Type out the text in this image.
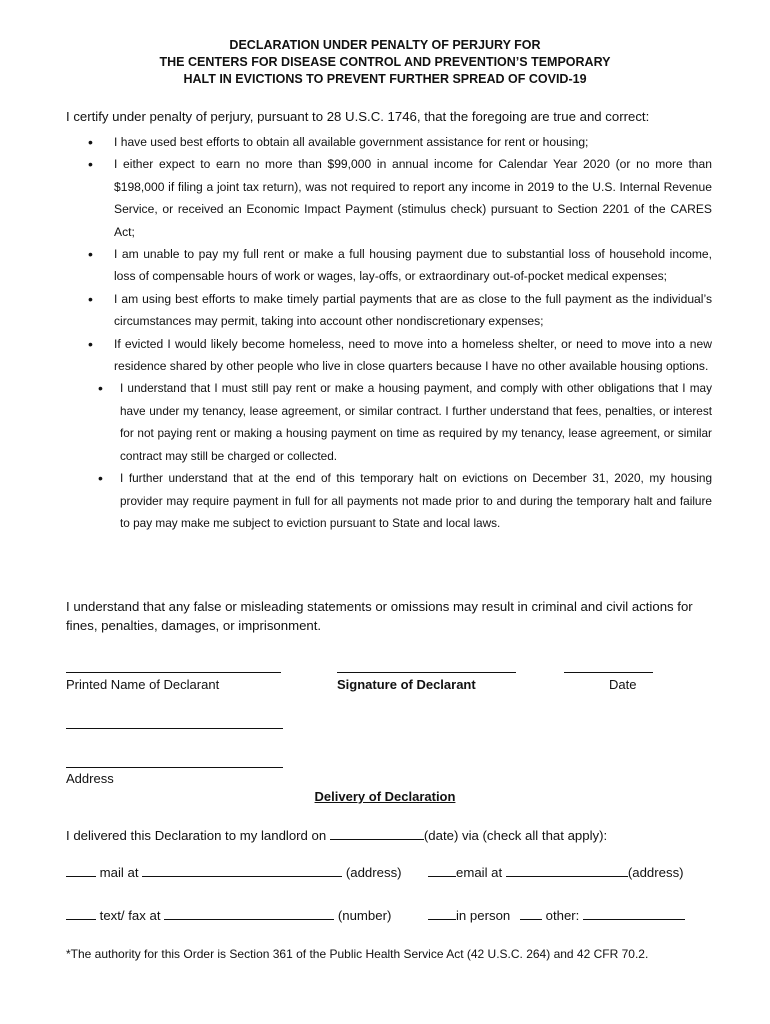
DECLARATION UNDER PENALTY OF PERJURY FOR
THE CENTERS FOR DISEASE CONTROL AND PREVENTION’S TEMPORARY
HALT IN EVICTIONS TO PREVENT FURTHER SPREAD OF COVID-19
I certify under penalty of perjury, pursuant to 28 U.S.C. 1746, that the foregoing are true and correct:
• I have used best efforts to obtain all available government assistance for rent or housing;
• I either expect to earn no more than $99,000 in annual income for Calendar Year 2020 (or no more than $198,000 if filing a joint tax return), was not required to report any income in 2019 to the U.S. Internal Revenue Service, or received an Economic Impact Payment (stimulus check) pursuant to Section 2201 of the CARES Act;
• I am unable to pay my full rent or make a full housing payment due to substantial loss of household income, loss of compensable hours of work or wages, lay-offs, or extraordinary out-of-pocket medical expenses;
• I am using best efforts to make timely partial payments that are as close to the full payment as the individual’s circumstances may permit, taking into account other nondiscretionary expenses;
• If evicted I would likely become homeless, need to move into a homeless shelter, or need to move into a new residence shared by other people who live in close quarters because I have no other available housing options.
• I understand that I must still pay rent or make a housing payment, and comply with other obligations that I may have under my tenancy, lease agreement, or similar contract. I further understand that fees, penalties, or interest for not paying rent or making a housing payment on time as required by my tenancy, lease agreement, or similar contract may still be charged or collected.
• I further understand that at the end of this temporary halt on evictions on December 31, 2020, my housing provider may require payment in full for all payments not made prior to and during the temporary halt and failure to pay may make me subject to eviction pursuant to State and local laws.
I understand that any false or misleading statements or omissions may result in criminal and civil actions for fines, penalties, damages, or imprisonment.
Printed Name of Declarant	Signature of Declarant	Date
Address
Delivery of Declaration
I delivered this Declaration to my landlord on	(date) via (check all that apply):
mail at	(address)	email at	(address)
text/ fax at	(number)	in person	other:
*The authority for this Order is Section 361 of the Public Health Service Act (42 U.S.C. 264) and 42 CFR 70.2.
